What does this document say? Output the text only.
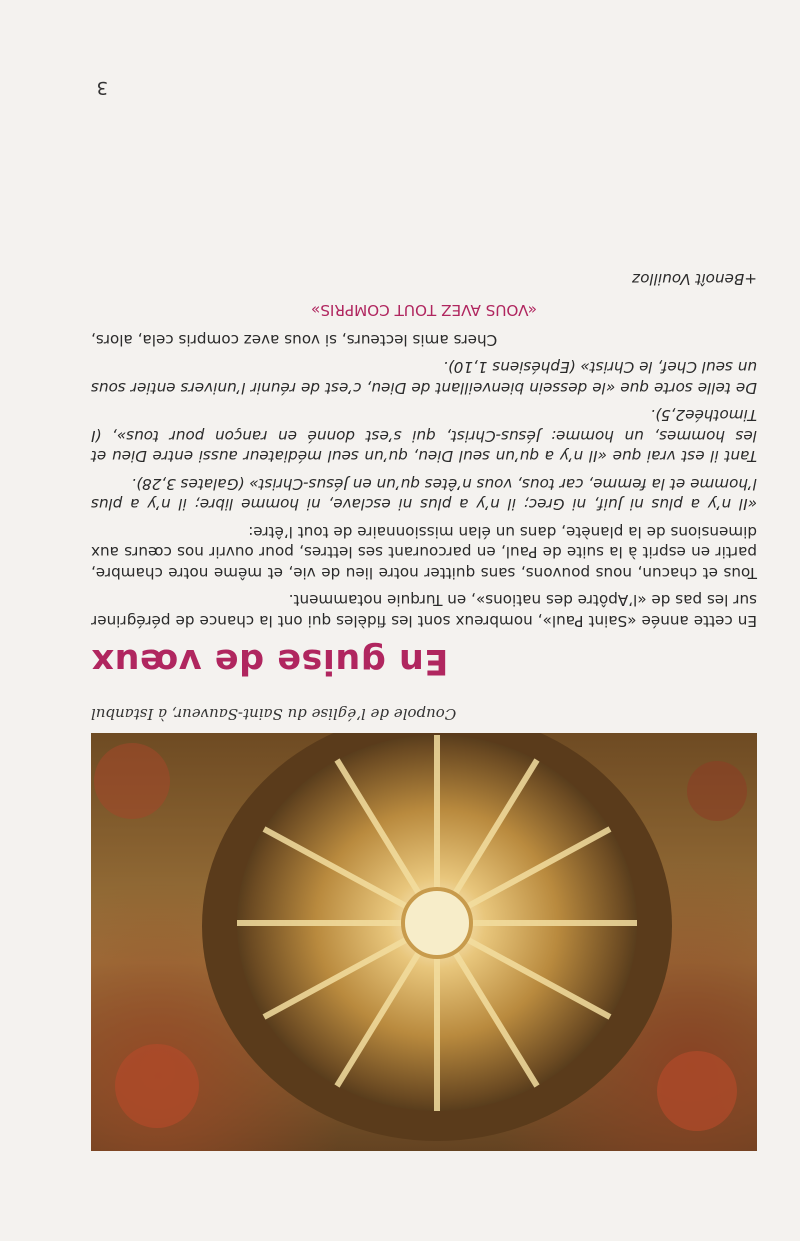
Coupole de l’église du Saint-Sauveur, à Istanbul

En guise de vœux

En cette année «Saint Paul», nombreux sont les fidèles qui ont la chance de pérégriner sur les pas de «l’Apôtre des nations», en Turquie notamment.

Tous et chacun, nous pouvons, sans quitter notre lieu de vie, et même notre chambre, partir en esprit à la suite de Paul, en parcourant ses lettres, pour ouvrir nos cœurs aux dimensions de la planète, dans un élan missionnaire de tout l’être:

«Il n’y a plus ni Juif, ni Grec; il n’y a plus ni esclave, ni homme libre; il n’y a plus l’homme et la femme, car tous, vous n’êtes qu’un en Jésus-Christ» (Galates 3,28).

Tant il est vrai que «Il n’y a qu’un seul Dieu, qu’un seul médiateur aussi entre Dieu et les hommes, un homme: Jésus-Christ, qui s’est donné en rançon pour tous», (I Timothée2,5).

De telle sorte que «le dessein bienveillant de Dieu, c’est de réunir l’univers entier sous un seul Chef, le Christ» (Ephésiens 1,10).

Chers amis lecteurs, si vous avez compris cela, alors,

«VOUS AVEZ TOUT COMPRIS»

+Benoît Vouilloz

3
